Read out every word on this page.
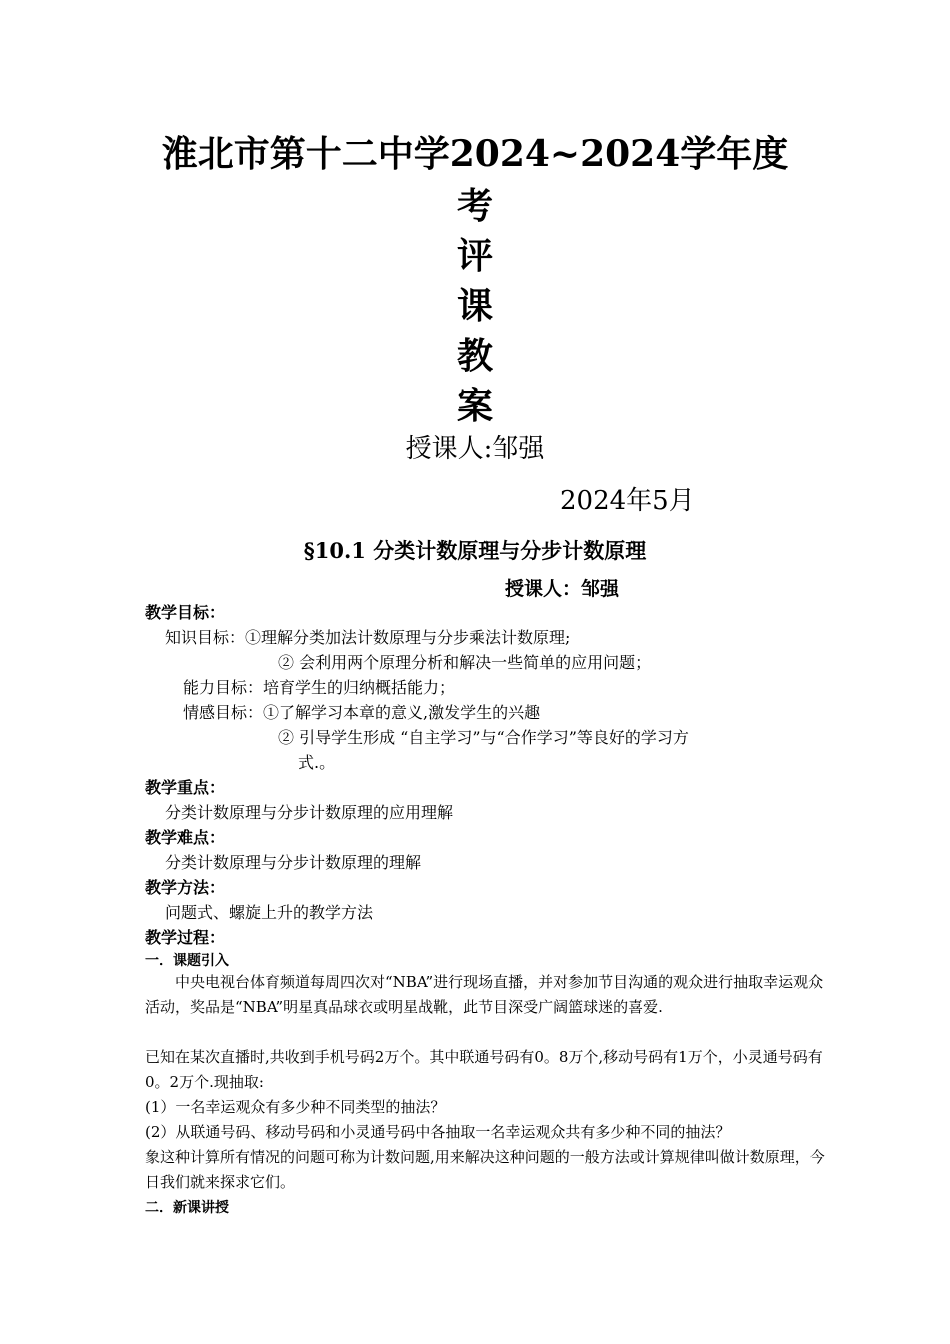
淮北市第十二中学2024~2024学年度
考
评
课
教
案
授课人:邹强
2024年5月
§10.1 分类计数原理与分步计数原理
授课人：邹强
教学目标：
知识目标：①理解分类加法计数原理与分步乘法计数原理;
② 会利用两个原理分析和解决一些简单的应用问题；
能力目标：培育学生的归纳概括能力；
情感目标：①了解学习本章的意义,激发学生的兴趣
② 引导学生形成 “自主学习”与“合作学习”等良好的学习方
式.。
教学重点：
分类计数原理与分步计数原理的应用理解
教学难点：
分类计数原理与分步计数原理的理解
教学方法：
问题式、螺旋上升的教学方法
教学过程：
一．课题引入
中央电视台体育频道每周四次对“NBA”进行现场直播，并对参加节目沟通的观众进行抽取幸运观众活动，奖品是“NBA”明星真品球衣或明星战靴，此节目深受广阔篮球迷的喜爱.
已知在某次直播时,共收到手机号码2万个。其中联通号码有0。8万个,移动号码有1万个，小灵通号码有0。2万个.现抽取:
(1）一名幸运观众有多少种不同类型的抽法？
(2）从联通号码、移动号码和小灵通号码中各抽取一名幸运观众共有多少种不同的抽法？
象这种计算所有情况的问题可称为计数问题,用来解决这种问题的一般方法或计算规律叫做计数原理，今日我们就来探求它们。
二．新课讲授
